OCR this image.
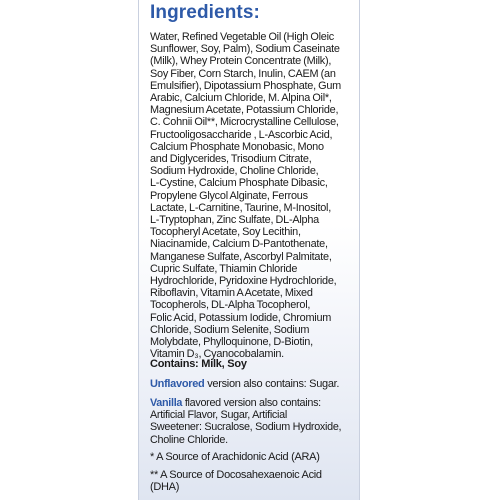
Ingredients:
Water, Refined Vegetable Oil (High Oleic
Sunflower, Soy, Palm), Sodium Caseinate
(Milk), Whey Protein Concentrate (Milk),
Soy Fiber, Corn Starch, Inulin, CAEM (an
Emulsifier), Dipotassium Phosphate, Gum
Arabic, Calcium Chloride, M. Alpina Oil*,
Magnesium Acetate, Potassium Chloride,
C. Cohnii Oil**, Microcrystalline Cellulose,
Fructooligosaccharide , L-Ascorbic Acid,
Calcium Phosphate Monobasic, Mono
and Diglycerides, Trisodium Citrate,
Sodium Hydroxide, Choline Chloride,
L-Cystine, Calcium Phosphate Dibasic,
Propylene Glycol Alginate, Ferrous
Lactate, L-Carnitine, Taurine, M-Inositol,
L-Tryptophan, Zinc Sulfate, DL-Alpha
Tocopheryl Acetate, Soy Lecithin,
Niacinamide, Calcium D-Pantothenate,
Manganese Sulfate, Ascorbyl Palmitate,
Cupric Sulfate, Thiamin Chloride
Hydrochloride, Pyridoxine Hydrochloride,
Riboflavin, Vitamin A Acetate, Mixed
Tocopherols, DL-Alpha Tocopherol,
Folic Acid, Potassium Iodide, Chromium
Chloride, Sodium Selenite, Sodium
Molybdate, Phylloquinone, D-Biotin,
Vitamin D₃, Cyanocobalamin.

Contains: Milk, Soy

Unflavored version also contains: Sugar.

Vanilla flavored version also contains:
Artificial Flavor, Sugar, Artificial
Sweetener: Sucralose, Sodium Hydroxide,
Choline Chloride.
* A Source of Arachidonic Acid (ARA)
** A Source of Docosahexaenoic Acid
(DHA)
